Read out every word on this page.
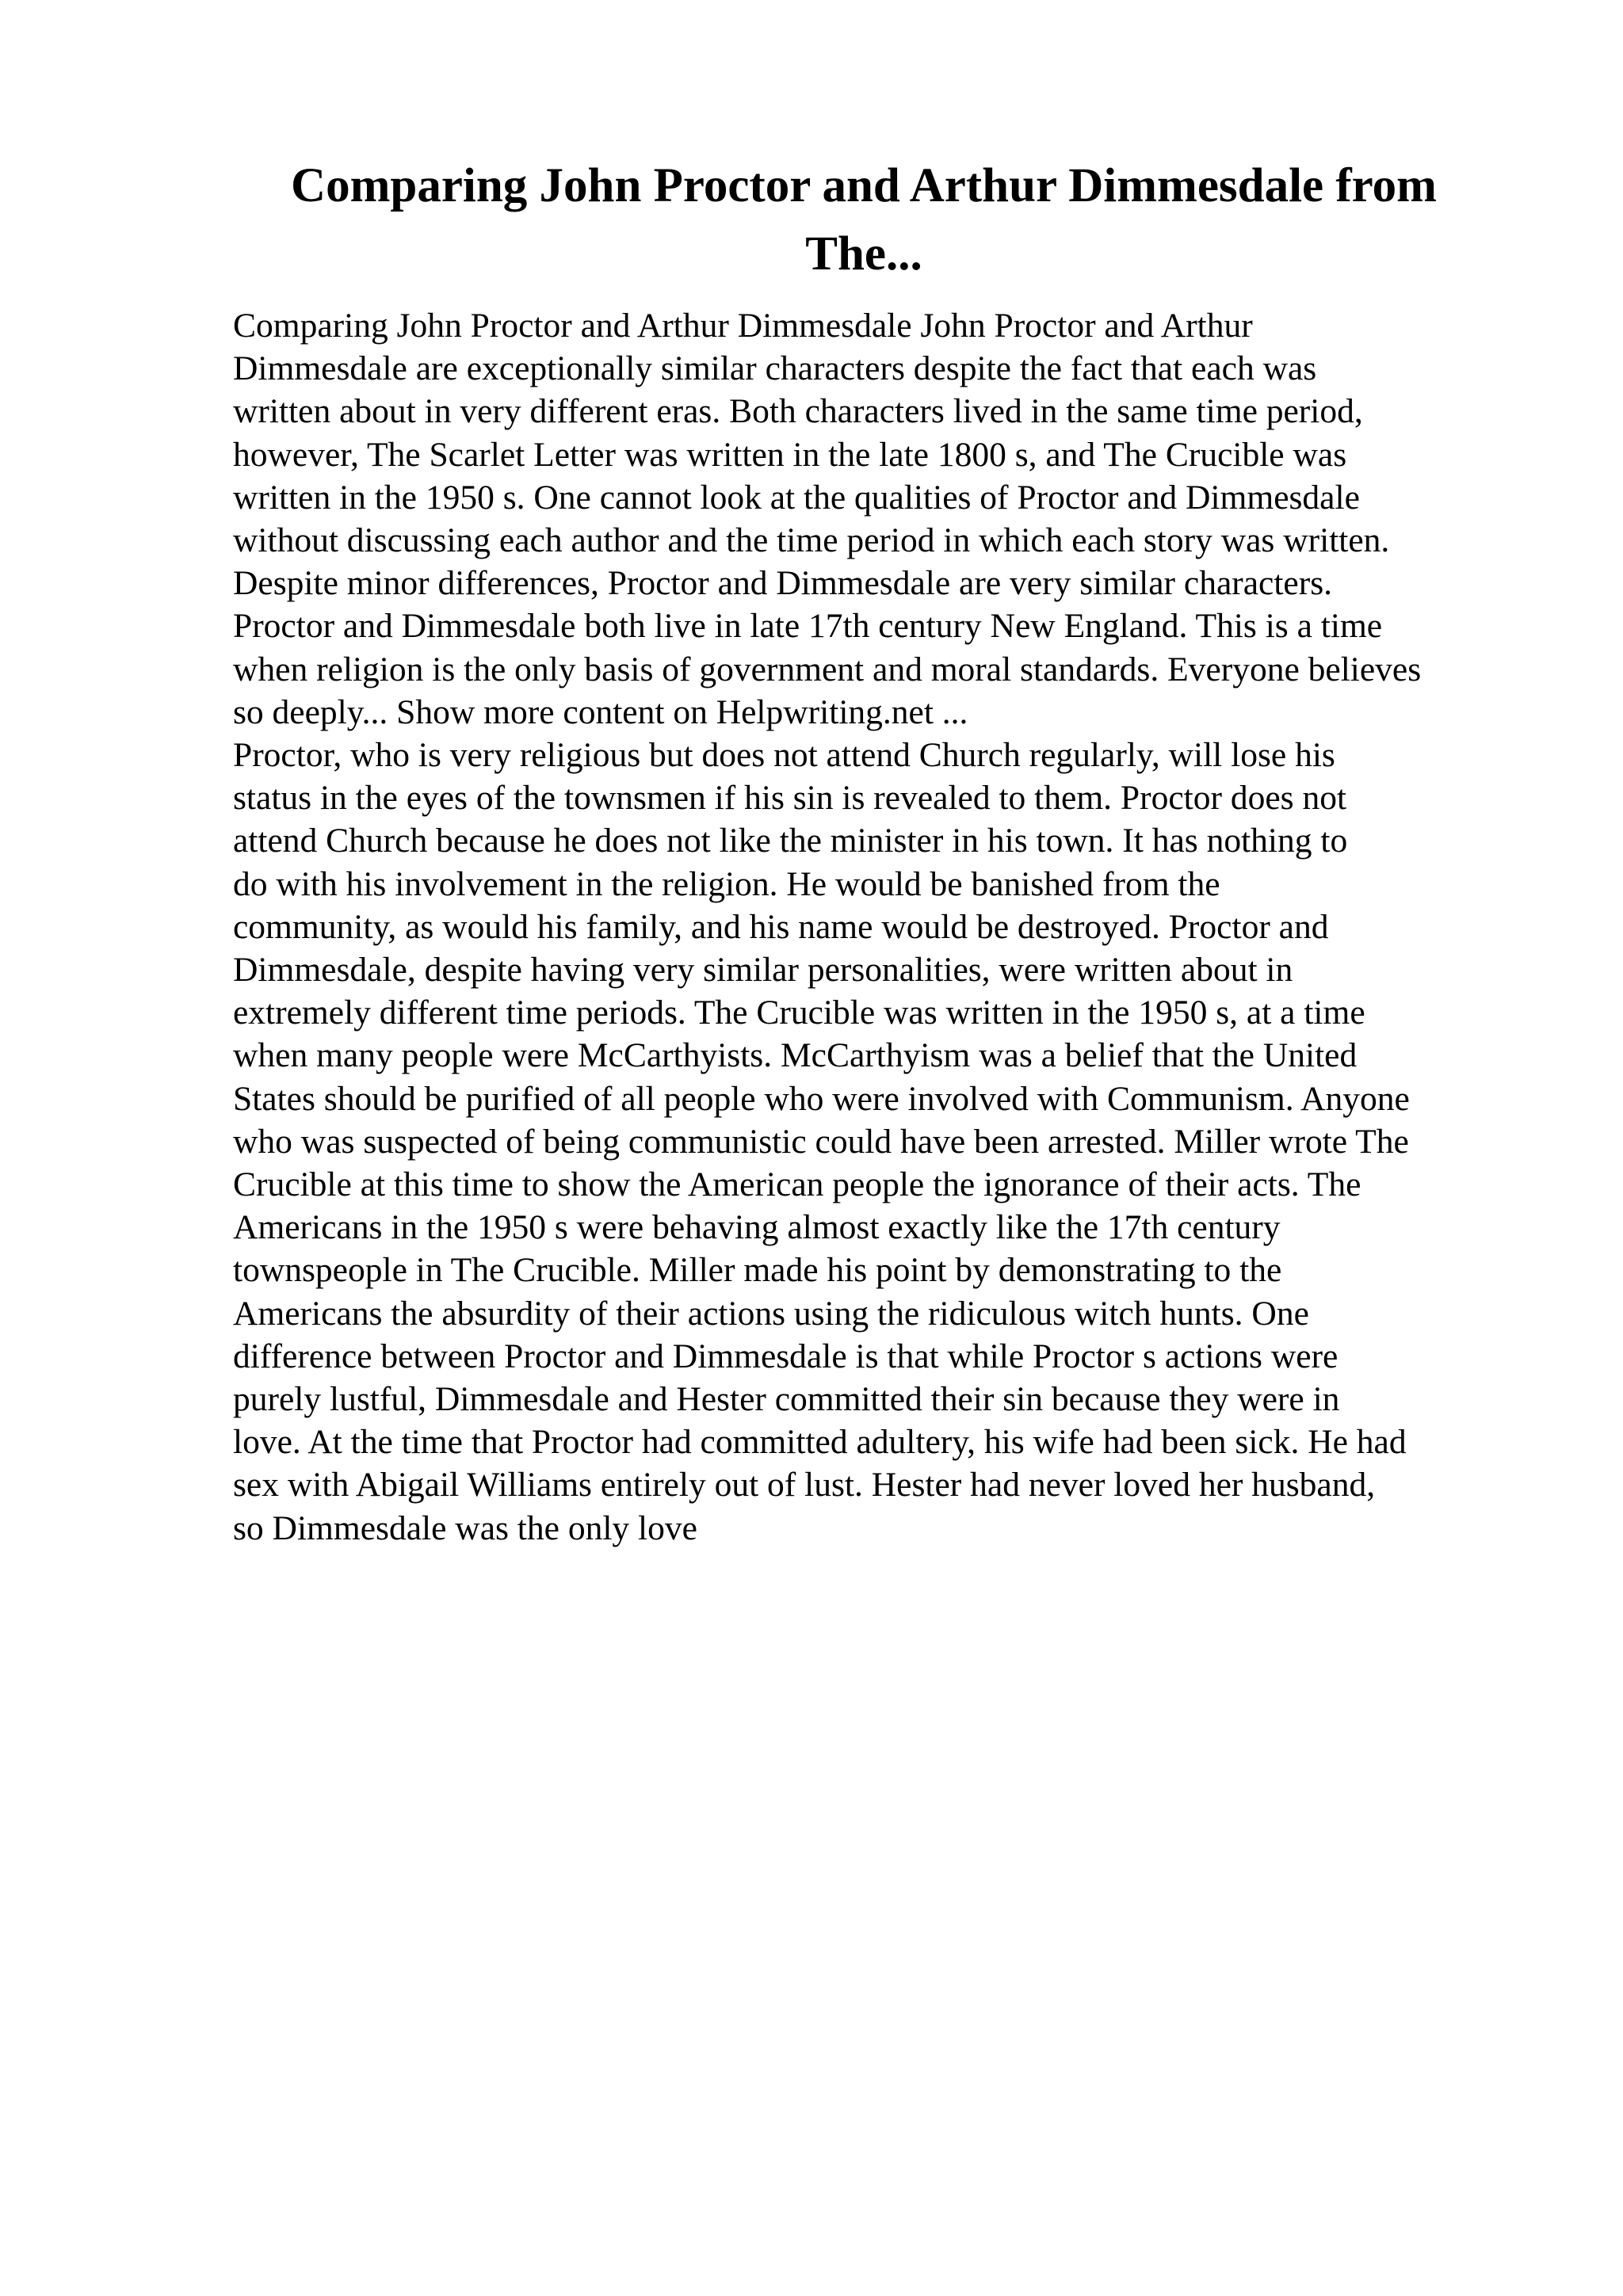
Comparing John Proctor and Arthur Dimmesdale from
The...
Comparing John Proctor and Arthur Dimmesdale John Proctor and Arthur
Dimmesdale are exceptionally similar characters despite the fact that each was
written about in very different eras. Both characters lived in the same time period,
however, The Scarlet Letter was written in the late 1800 s, and The Crucible was
written in the 1950 s. One cannot look at the qualities of Proctor and Dimmesdale
without discussing each author and the time period in which each story was written.
Despite minor differences, Proctor and Dimmesdale are very similar characters.
Proctor and Dimmesdale both live in late 17th century New England. This is a time
when religion is the only basis of government and moral standards. Everyone believes
so deeply... Show more content on Helpwriting.net ...
Proctor, who is very religious but does not attend Church regularly, will lose his
status in the eyes of the townsmen if his sin is revealed to them. Proctor does not
attend Church because he does not like the minister in his town. It has nothing to
do with his involvement in the religion. He would be banished from the
community, as would his family, and his name would be destroyed. Proctor and
Dimmesdale, despite having very similar personalities, were written about in
extremely different time periods. The Crucible was written in the 1950 s, at a time
when many people were McCarthyists. McCarthyism was a belief that the United
States should be purified of all people who were involved with Communism. Anyone
who was suspected of being communistic could have been arrested. Miller wrote The
Crucible at this time to show the American people the ignorance of their acts. The
Americans in the 1950 s were behaving almost exactly like the 17th century
townspeople in The Crucible. Miller made his point by demonstrating to the
Americans the absurdity of their actions using the ridiculous witch hunts. One
difference between Proctor and Dimmesdale is that while Proctor s actions were
purely lustful, Dimmesdale and Hester committed their sin because they were in
love. At the time that Proctor had committed adultery, his wife had been sick. He had
sex with Abigail Williams entirely out of lust. Hester had never loved her husband,
so Dimmesdale was the only love
